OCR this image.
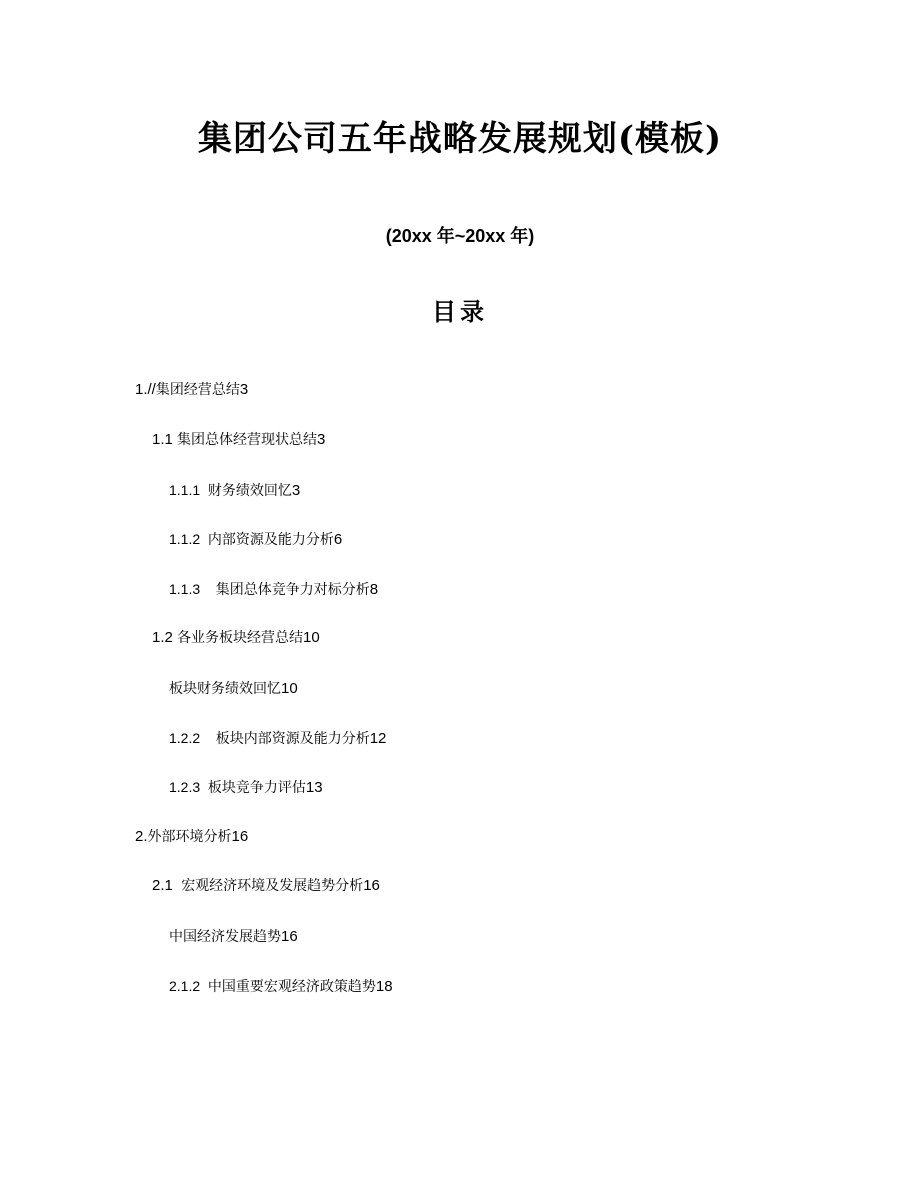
集团公司五年战略发展规划(模板)
(20xx 年~20xx 年)
目录
1.//集团经营总结3
1.1 集团总体经营现状总结3
1.1.1  财务绩效回忆3
1.1.2  内部资源及能力分析6
1.1.3    集团总体竞争力对标分析8
1.2 各业务板块经营总结10
板块财务绩效回忆10
1.2.2    板块内部资源及能力分析12
1.2.3  板块竞争力评估13
2.外部环境分析16
2.1  宏观经济环境及发展趋势分析16
中国经济发展趋势16
2.1.2  中国重要宏观经济政策趋势18
